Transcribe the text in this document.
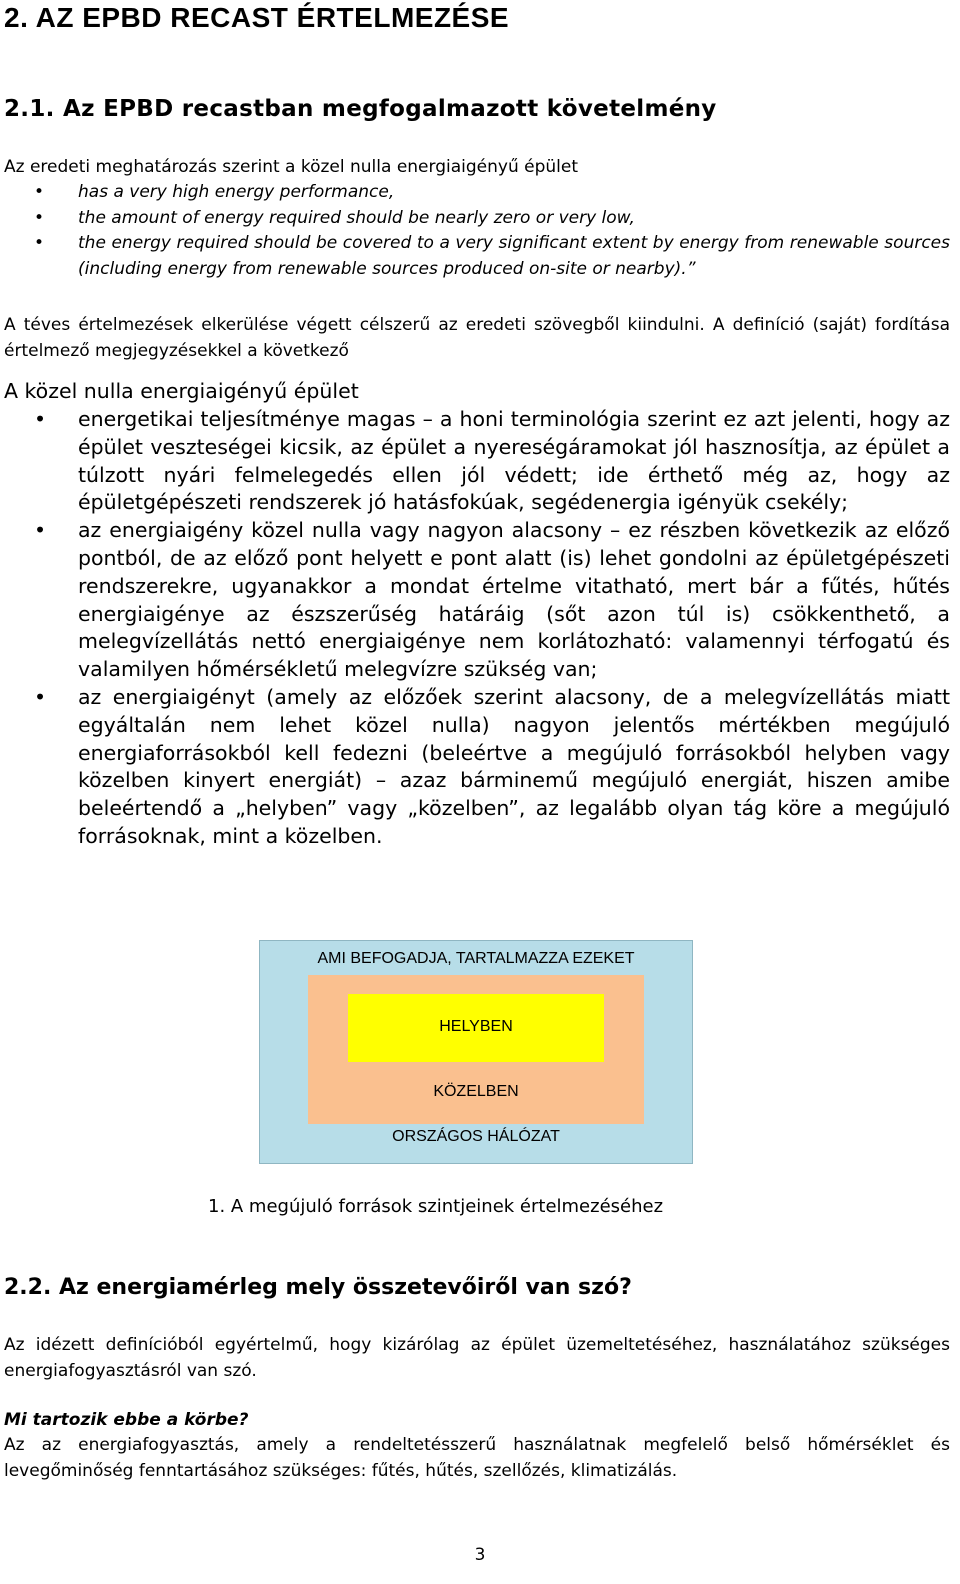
2. AZ EPBD RECAST ÉRTELMEZÉSE
2.1. Az EPBD recastban megfogalmazott követelmény

Az eredeti meghatározás szerint a közel nulla energiaigényű épület

• has a very high energy performance,
• the amount of energy required should be nearly zero or very low,
• the energy required should be covered to a very significant extent by energy from renewable sources (including energy from renewable sources produced on-site or nearby).”

A téves értelmezések elkerülése végett célszerű az eredeti szövegből kiindulni. A definíció (saját) fordítása értelmező megjegyzésekkel a következő

A közel nulla energiaigényű épület

• energetikai teljesítménye magas – a honi terminológia szerint ez azt jelenti, hogy az épület veszteségei kicsik, az épület a nyereségáramokat jól hasznosítja, az épület a túlzott nyári felmelegedés ellen jól védett; ide érthető még az, hogy az épületgépészeti rendszerek jó hatásfokúak, segédenergia igényük csekély;
• az energiaigény közel nulla vagy nagyon alacsony – ez részben következik az előző pontból, de az előző pont helyett e pont alatt (is) lehet gondolni az épületgépészeti rendszerekre, ugyanakkor a mondat értelme vitatható, mert bár a fűtés, hűtés energiaigénye az észszerűség határáig (sőt azon túl is) csökkenthető, a melegvízellátás nettó energiaigénye nem korlátozható: valamennyi térfogatú és valamilyen hőmérsékletű melegvízre szükség van;
• az energiaigényt (amely az előzőek szerint alacsony, de a melegvízellátás miatt egyáltalán nem lehet közel nulla) nagyon jelentős mértékben megújuló energiaforrásokból kell fedezni (beleértve a megújuló forrásokból helyben vagy közelben kinyert energiát) – azaz bárminemű megújuló energiát, hiszen amibe beleértendő a „helyben” vagy „közelben”, az legalább olyan tág köre a megújuló forrásoknak, mint a közelben.
AMI BEFOGADJA, TARTALMAZZA EZEKET
HELYBEN
KÖZELBEN
ORSZÁGOS HÁLÓZAT

1. A megújuló források szintjeinek értelmezéséhez

2.2. Az energiamérleg mely összetevőiről van szó?

Az idézett definícióból egyértelmű, hogy kizárólag az épület üzemeltetéséhez, használatához szükséges energiafogyasztásról van szó.

Mi tartozik ebbe a körbe?

Az az energiafogyasztás, amely a rendeltetésszerű használatnak megfelelő belső hőmérséklet és levegőminőség fenntartásához szükséges: fűtés, hűtés, szellőzés, klimatizálás.

3
